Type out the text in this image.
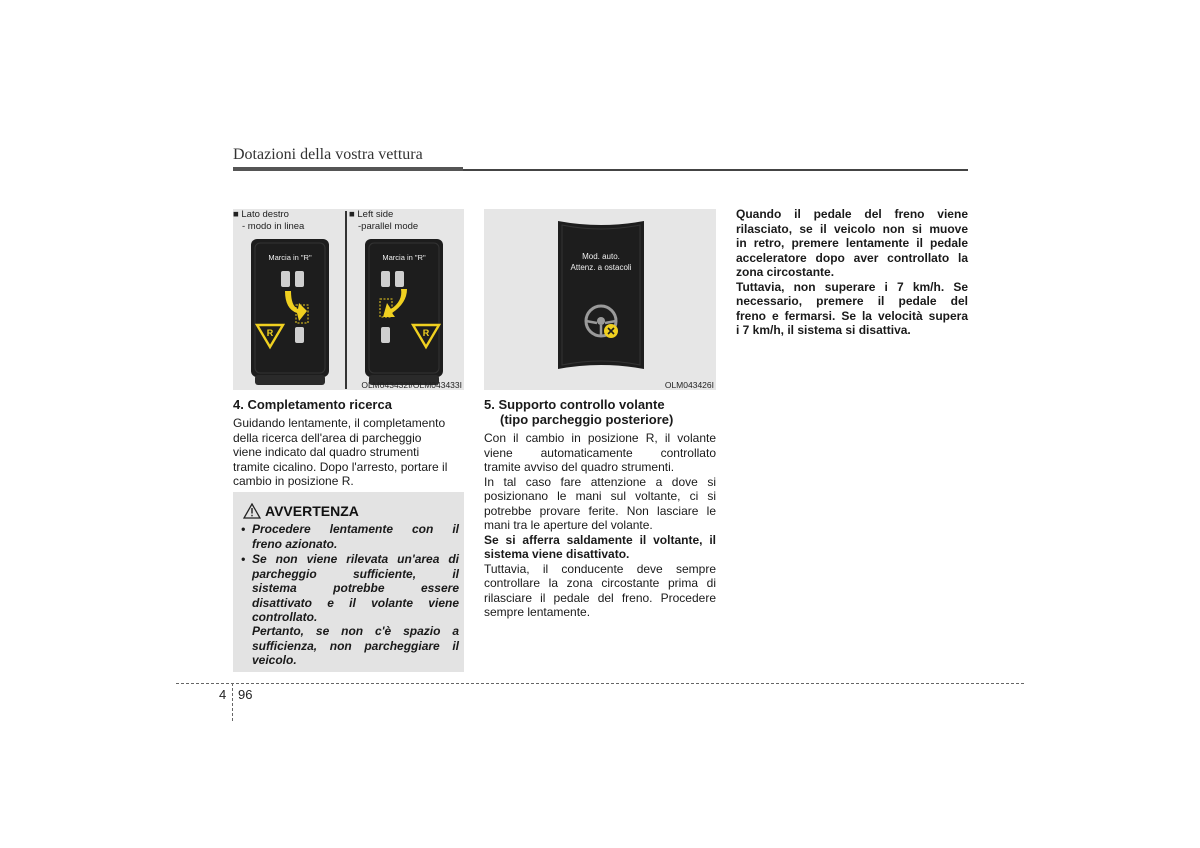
Dotazioni della vostra vettura
■ Lato destro
- modo in linea
■ Left side
-parallel mode
Marcia in "R"
R
Marcia in "R"
R
OLM043432I/OLM043433I
Mod. auto.
Attenz. a ostacoli
OLM043426I
4. Completamento ricerca
Guidando lentamente, il completamento
della ricerca dell'area di parcheggio
viene indicato dal quadro strumenti
tramite cicalino. Dopo l'arresto, portare il
cambio in posizione R.
AVVERTENZA
• Procedere lentamente con il
freno azionato.
• Se non viene rilevata un'area di
parcheggio sufficiente, il
sistema potrebbe essere
disattivato e il volante viene
controllato.
Pertanto, se non c'è spazio a
sufficienza, non parcheggiare il
veicolo.
5. Supporto controllo volante
(tipo parcheggio posteriore)
Con il cambio in posizione R, il volante
viene automaticamente controllato
tramite avviso del quadro strumenti.
In tal caso fare attenzione a dove si
posizionano le mani sul voltante, ci si
potrebbe provare ferite. Non lasciare le
mani tra le aperture del volante.
Se si afferra saldamente il voltante, il
sistema viene disattivato.
Tuttavia, il conducente deve sempre
controllare la zona circostante prima di
rilasciare il pedale del freno. Procedere
sempre lentamente.
Quando il pedale del freno viene
rilasciato, se il veicolo non si muove
in retro, premere lentamente il pedale
acceleratore dopo aver controllato la
zona circostante.
Tuttavia, non superare i 7 km/h. Se
necessario, premere il pedale del
freno e fermarsi. Se la velocità supera
i 7 km/h, il sistema si disattiva.
4 96
